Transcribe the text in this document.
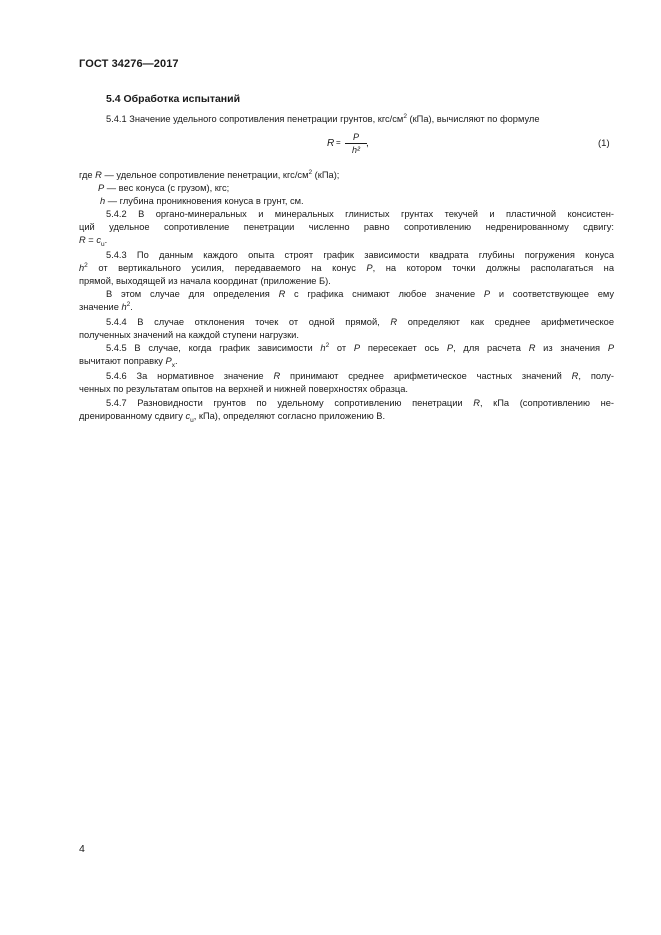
ГОСТ 34276—2017
5.4 Обработка испытаний
5.4.1 Значение удельного сопротивления пенетрации грунтов, кгс/$см^2$ (кПа), вычисляют по формуле
$R = \frac{P}{\text{h²}}$ ,	(1)
где R — удельное сопротивление пенетрации, кгс/$см^2$ (кПа);
P — вес конуса (с грузом), кгс;
h — глубина проникновения конуса в грунт, см.
5.4.2 В органо-минеральных и минеральных глинистых грунтах текучей и пластичной консистен-
ций удельное сопротивление пенетрации численно равно сопротивлению недренированному сдвигу:
$R = c_u$.
5.4.3 По данным каждого опыта строят график зависимости квадрата глубины погружения конуса
$h^2$ от вертикального усилия, передаваемого на конус P, на котором точки должны располагаться на
прямой, выходящей из начала координат (приложение Б).
В этом случае для определения R с графика снимают любое значение P и соответствующее ему
значение $h^2$.
5.4.4 В случае отклонения точек от одной прямой, R определяют как среднее арифметическое
полученных значений на каждой ступени нагрузки.
5.4.5 В случае, когда график зависимости $h^2$ от P пересекает ось P, для расчета R из значения P
вычитают поправку $P_x$.
5.4.6 За нормативное значение R принимают среднее арифметическое частных значений R, полу-
ченных по результатам опытов на верхней и нижней поверхностях образца.
5.4.7 Разновидности грунтов по удельному сопротивлению пенетрации R, кПа (сопротивлению не-
дренированному сдвигу $c_u$, кПа), определяют согласно приложению В.
4
